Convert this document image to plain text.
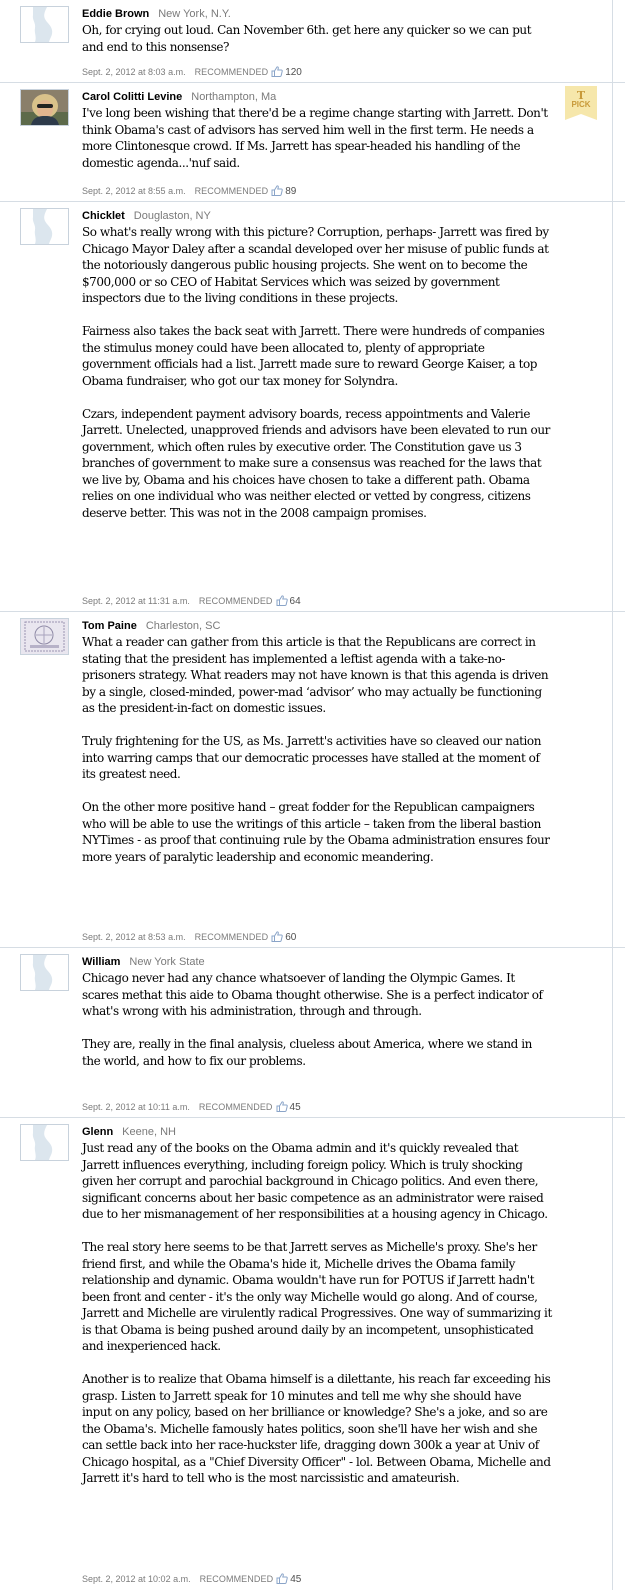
Eddie Brown New York, N.Y.

Oh, for crying out loud. Can November 6th. get here any quicker so we can put and end to this nonsense?

Sept. 2, 2012 at 8:03 a.m. RECOMMENDED 120
Carol Colitti Levine Northampton, Ma	T
PICK

I've long been wishing that there'd be a regime change starting with Jarrett. Don't think Obama's cast of advisors has served him well in the first term. He needs a more Clintonesque crowd. If Ms. Jarrett has spear-headed his handling of the domestic agenda...'nuf said.

Sept. 2, 2012 at 8:55 a.m. RECOMMENDED 89
Chicklet Douglaston, NY

So what's really wrong with this picture? Corruption, perhaps- Jarrett was fired by Chicago Mayor Daley after a scandal developed over her misuse of public funds at the notoriously dangerous public housing projects. She went on to become the $700,000 or so CEO of Habitat Services which was seized by government inspectors due to the living conditions in these projects.

Fairness also takes the back seat with Jarrett. There were hundreds of companies the stimulus money could have been allocated to, plenty of appropriate government officials had a list. Jarrett made sure to reward George Kaiser, a top Obama fundraiser, who got our tax money for Solyndra.

Czars, independent payment advisory boards, recess appointments and Valerie Jarrett. Unelected, unapproved friends and advisors have been elevated to run our government, which often rules by executive order. The Constitution gave us 3 branches of government to make sure a consensus was reached for the laws that we live by, Obama and his choices have chosen to take a different path. Obama relies on one individual who was neither elected or vetted by congress, citizens deserve better. This was not in the 2008 campaign promises.

Sept. 2, 2012 at 11:31 a.m. RECOMMENDED 64
Tom Paine Charleston, SC

What a reader can gather from this article is that the Republicans are correct in stating that the president has implemented a leftist agenda with a take-no-prisoners strategy. What readers may not have known is that this agenda is driven by a single, closed-minded, power-mad ‘advisor’ who may actually be functioning as the president-in-fact on domestic issues.

Truly frightening for the US, as Ms. Jarrett's activities have so cleaved our nation into warring camps that our democratic processes have stalled at the moment of its greatest need.

On the other more positive hand – great fodder for the Republican campaigners who will be able to use the writings of this article – taken from the liberal bastion NYTimes - as proof that continuing rule by the Obama administration ensures four more years of paralytic leadership and economic meandering.

Sept. 2, 2012 at 8:53 a.m. RECOMMENDED 60
William New York State

Chicago never had any chance whatsoever of landing the Olympic Games. It scares methat this aide to Obama thought otherwise. She is a perfect indicator of what's wrong with his administration, through and through.

They are, really in the final analysis, clueless about America, where we stand in the world, and how to fix our problems.

Sept. 2, 2012 at 10:11 a.m. RECOMMENDED 45
Glenn Keene, NH

Just read any of the books on the Obama admin and it's quickly revealed that Jarrett influences everything, including foreign policy. Which is truly shocking given her corrupt and parochial background in Chicago politics. And even there, significant concerns about her basic competence as an administrator were raised due to her mismanagement of her responsibilities at a housing agency in Chicago.

The real story here seems to be that Jarrett serves as Michelle's proxy. She's her friend first, and while the Obama's hide it, Michelle drives the Obama family relationship and dynamic. Obama wouldn't have run for POTUS if Jarrett hadn't been front and center - it's the only way Michelle would go along. And of course, Jarrett and Michelle are virulently radical Progressives. One way of summarizing it is that Obama is being pushed around daily by an incompetent, unsophisticated and inexperienced hack.

Another is to realize that Obama himself is a dilettante, his reach far exceeding his grasp. Listen to Jarrett speak for 10 minutes and tell me why she should have input on any policy, based on her brilliance or knowledge? She's a joke, and so are the Obama's. Michelle famously hates politics, soon she'll have her wish and she can settle back into her race-huckster life, dragging down 300k a year at Univ of Chicago hospital, as a "Chief Diversity Officer" - lol. Between Obama, Michelle and Jarrett it's hard to tell who is the most narcissistic and amateurish.

Sept. 2, 2012 at 10:02 a.m. RECOMMENDED 45
